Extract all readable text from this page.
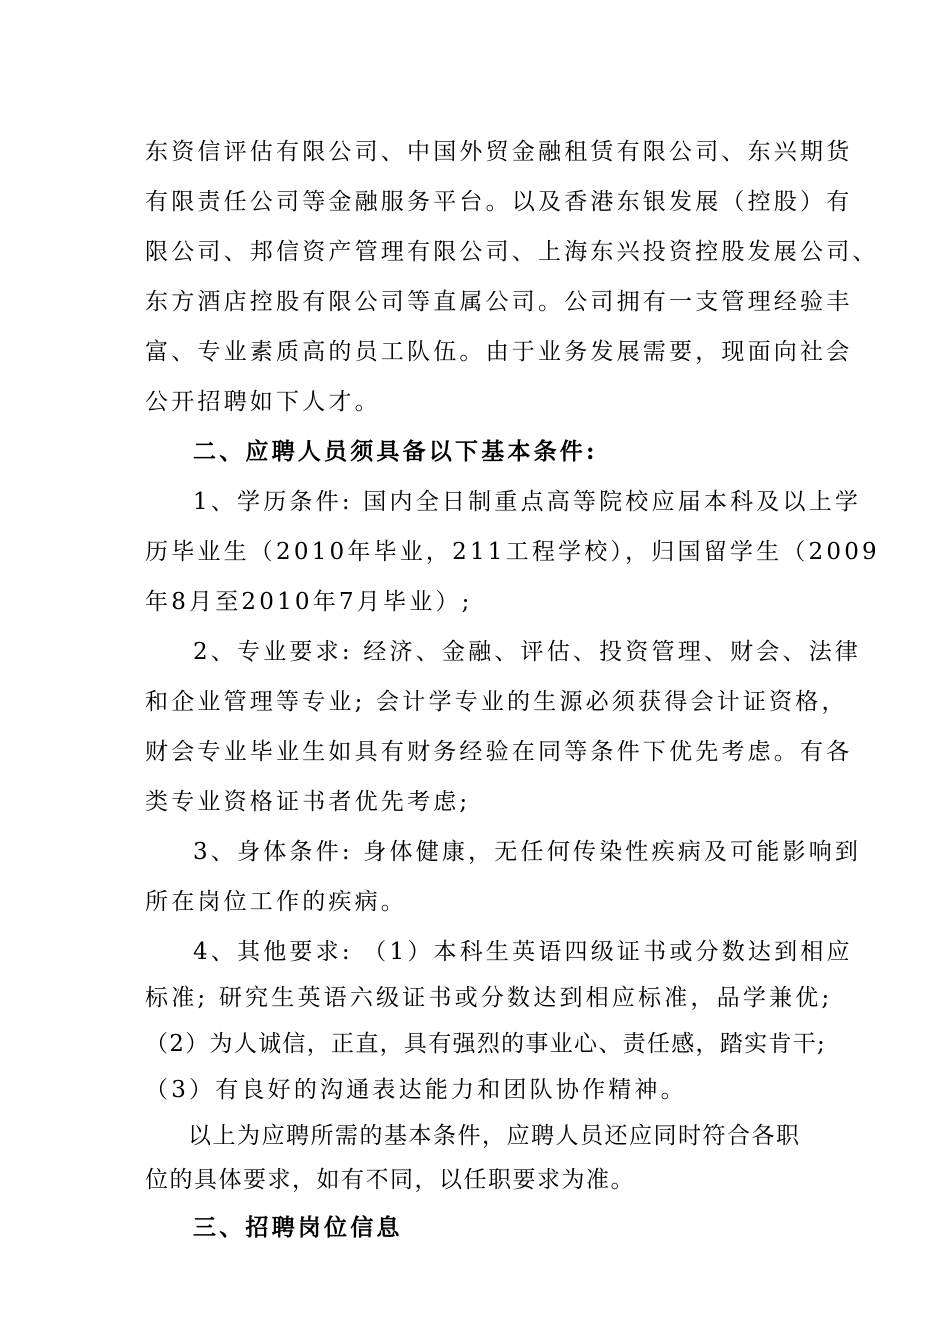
东资信评估有限公司、中国外贸金融租赁有限公司、东兴期货
有限责任公司等金融服务平台。以及香港东银发展（控股）有
限公司、邦信资产管理有限公司、上海东兴投资控股发展公司、
东方酒店控股有限公司等直属公司。公司拥有一支管理经验丰
富、专业素质高的员工队伍。由于业务发展需要，现面向社会
公开招聘如下人才。
二、应聘人员须具备以下基本条件:
1、学历条件: 国内全日制重点高等院校应届本科及以上学
历毕业生（2010年毕业，211工程学校），归国留学生（2009
年8月至2010年7月毕业）;
2、专业要求: 经济、金融、评估、投资管理、财会、法律
和企业管理等专业; 会计学专业的生源必须获得会计证资格，
财会专业毕业生如具有财务经验在同等条件下优先考虑。有各
类专业资格证书者优先考虑;
3、身体条件: 身体健康，无任何传染性疾病及可能影响到
所在岗位工作的疾病。
4、其他要求: （1）本科生英语四级证书或分数达到相应
标准; 研究生英语六级证书或分数达到相应标准，品学兼优;
（2）为人诚信，正直，具有强烈的事业心、责任感，踏实肯干;
（3）有良好的沟通表达能力和团队协作精神。
以上为应聘所需的基本条件，应聘人员还应同时符合各职
位的具体要求，如有不同，以任职要求为准。
三、招聘岗位信息
